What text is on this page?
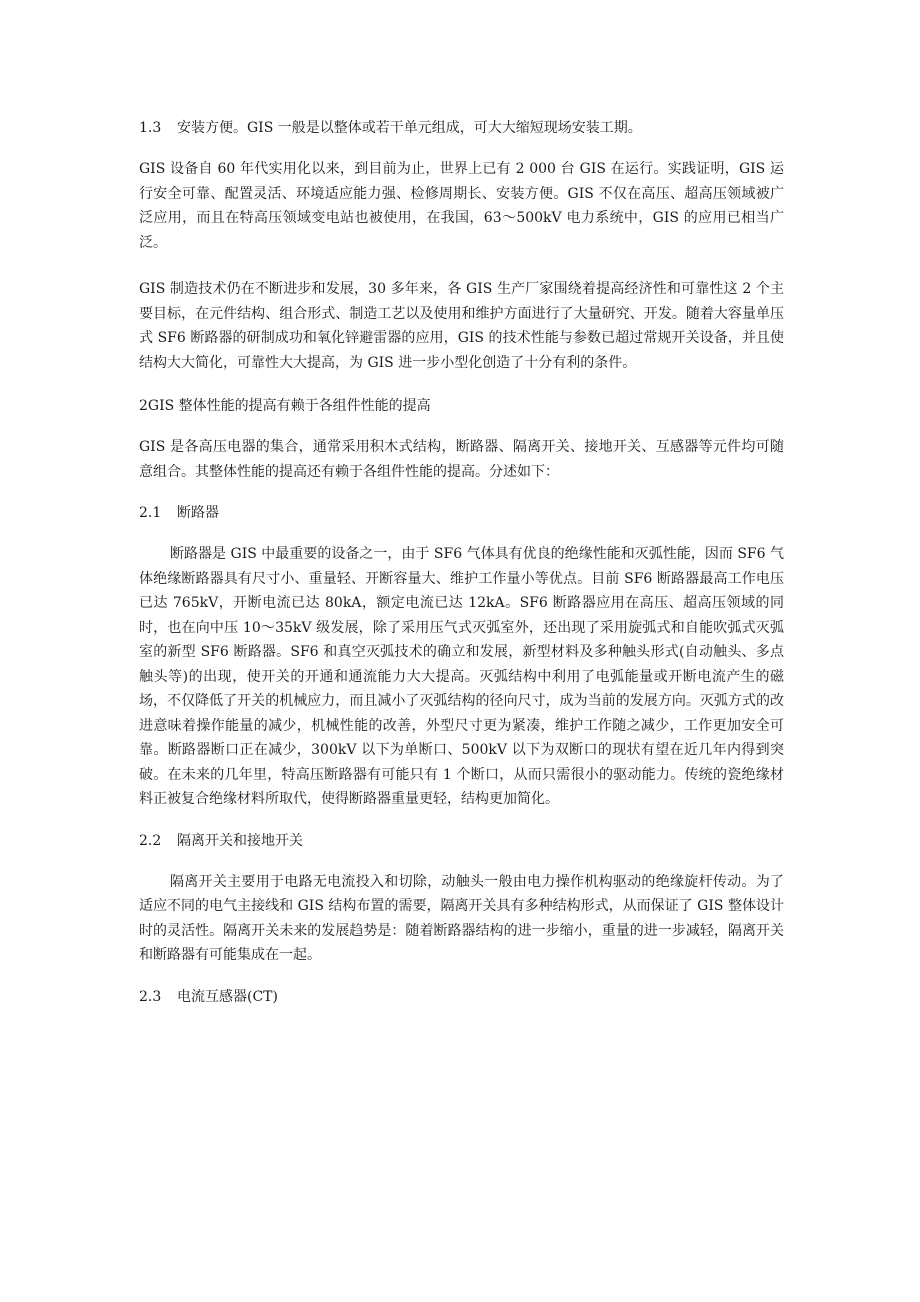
1.3 安装方便。GIS 一般是以整体或若干单元组成，可大大缩短现场安装工期。

GIS 设备自 60 年代实用化以来，到目前为止，世界上已有 2 000 台 GIS 在运行。实践证明，GIS 运行安全可靠、配置灵活、环境适应能力强、检修周期长、安装方便。GIS 不仅在高压、超高压领域被广泛应用，而且在特高压领域变电站也被使用，在我国，63～500kV 电力系统中，GIS 的应用已相当广泛。

GIS 制造技术仍在不断进步和发展，30 多年来，各 GIS 生产厂家围绕着提高经济性和可靠性这 2 个主要目标，在元件结构、组合形式、制造工艺以及使用和维护方面进行了大量研究、开发。随着大容量单压式 SF6 断路器的研制成功和氧化锌避雷器的应用，GIS 的技术性能与参数已超过常规开关设备，并且使结构大大简化，可靠性大大提高，为 GIS 进一步小型化创造了十分有利的条件。

2GIS 整体性能的提高有赖于各组件性能的提高

GIS 是各高压电器的集合，通常采用积木式结构，断路器、隔离开关、接地开关、互感器等元件均可随意组合。其整体性能的提高还有赖于各组件性能的提高。分述如下：

2.1 断路器

断路器是 GIS 中最重要的设备之一，由于 SF6 气体具有优良的绝缘性能和灭弧性能，因而 SF6 气体绝缘断路器具有尺寸小、重量轻、开断容量大、维护工作量小等优点。目前 SF6 断路器最高工作电压已达 765kV，开断电流已达 80kA，额定电流已达 12kA。SF6 断路器应用在高压、超高压领域的同时，也在向中压 10～35kV 级发展，除了采用压气式灭弧室外，还出现了采用旋弧式和自能吹弧式灭弧室的新型 SF6 断路器。SF6 和真空灭弧技术的确立和发展，新型材料及多种触头形式(自动触头、多点触头等)的出现，使开关的开通和通流能力大大提高。灭弧结构中利用了电弧能量或开断电流产生的磁场，不仅降低了开关的机械应力，而且减小了灭弧结构的径向尺寸，成为当前的发展方向。灭弧方式的改进意味着操作能量的减少，机械性能的改善，外型尺寸更为紧凑，维护工作随之减少，工作更加安全可靠。断路器断口正在减少，300kV 以下为单断口、500kV 以下为双断口的现状有望在近几年内得到突破。在未来的几年里，特高压断路器有可能只有 1 个断口，从而只需很小的驱动能力。传统的瓷绝缘材料正被复合绝缘材料所取代，使得断路器重量更轻，结构更加简化。

2.2 隔离开关和接地开关

隔离开关主要用于电路无电流投入和切除，动触头一般由电力操作机构驱动的绝缘旋杆传动。为了适应不同的电气主接线和 GIS 结构布置的需要，隔离开关具有多种结构形式，从而保证了 GIS 整体设计时的灵活性。隔离开关未来的发展趋势是：随着断路器结构的进一步缩小，重量的进一步减轻，隔离开关和断路器有可能集成在一起。

2.3 电流互感器(CT)
